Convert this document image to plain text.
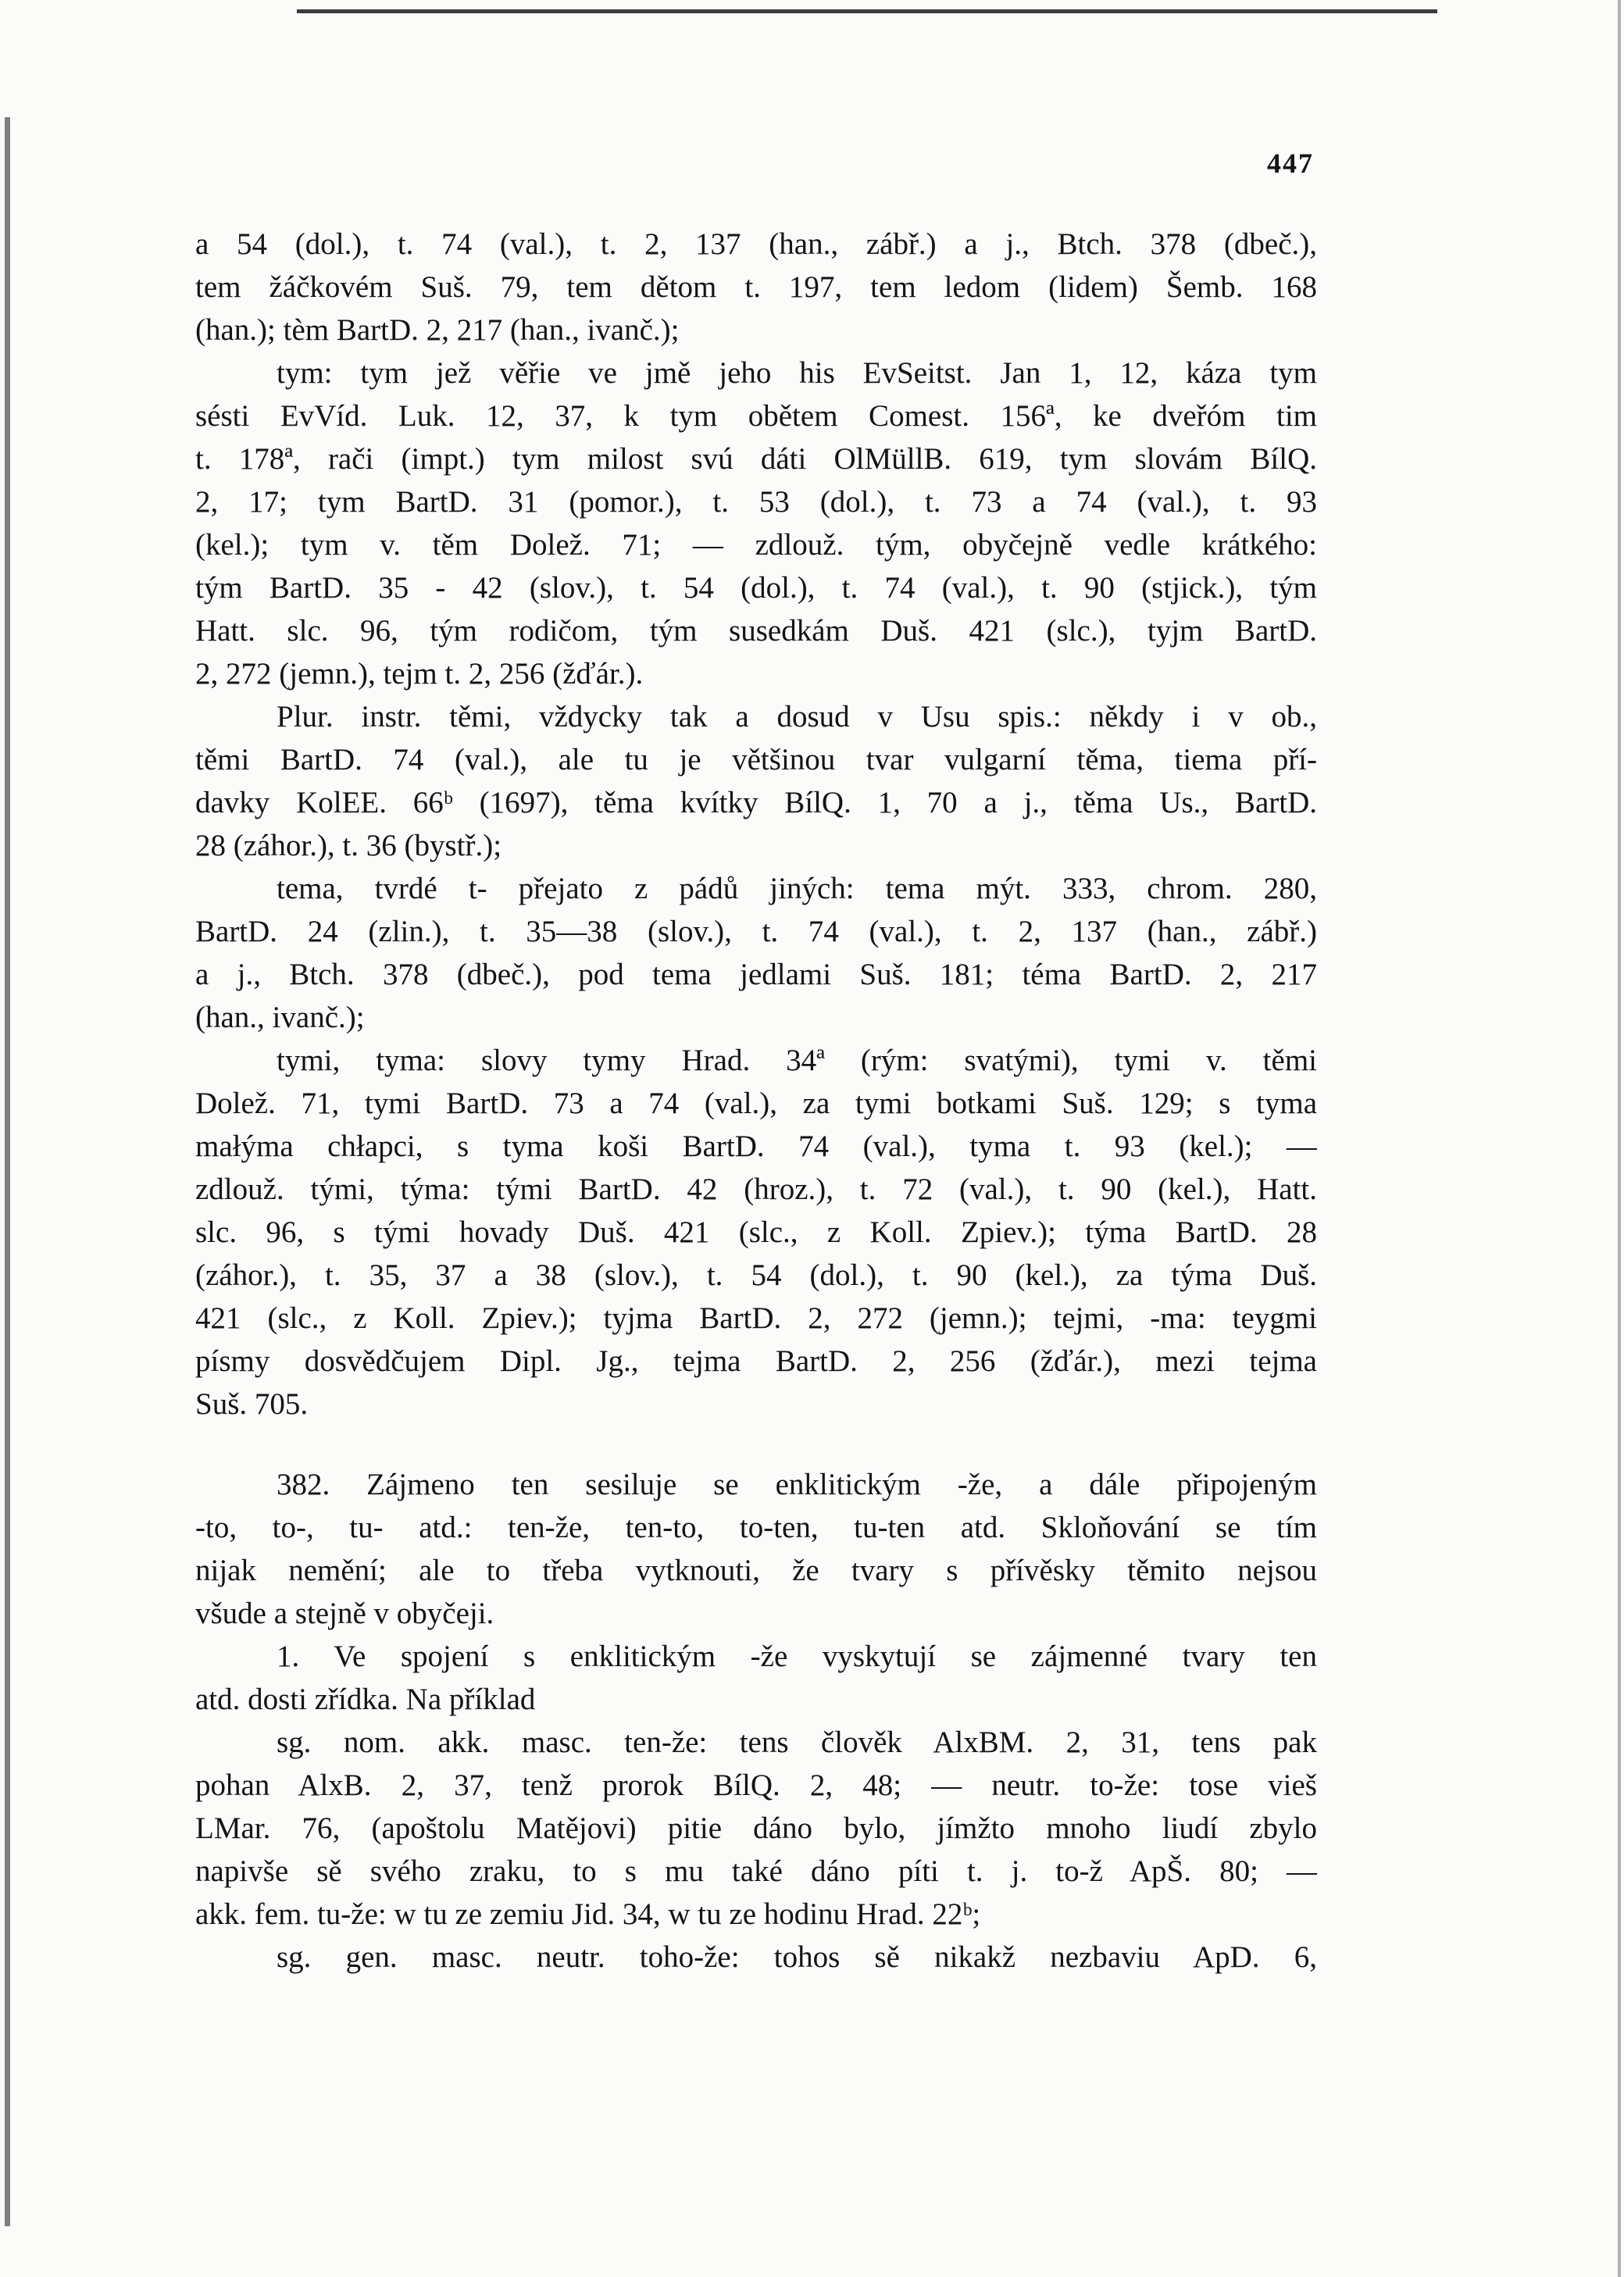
447
a 54 (dol.), t. 74 (val.), t. 2, 137 (han., zábř.) a j., Btch. 378 (dbeč.),
tem žáčkovém Suš. 79, tem dětom t. 197, tem ledom (lidem) Šemb. 168
(han.); tèm BartD. 2, 217 (han., ivanč.);
tym: tym jež věřie ve jmě jeho his EvSeitst. Jan 1, 12, káza tym
sésti EvVíd. Luk. 12, 37, k tym obětem Comest. 156ª, ke dveřóm tim
t. 178ª, rači (impt.) tym milost svú dáti OlMüllB. 619, tym slovám BílQ.
2, 17; tym BartD. 31 (pomor.), t. 53 (dol.), t. 73 a 74 (val.), t. 93
(kel.); tym v. těm Dolež. 71; — zdlouž. tým, obyčejně vedle krátkého:
tým BartD. 35 - 42 (slov.), t. 54 (dol.), t. 74 (val.), t. 90 (stjick.), tým
Hatt. slc. 96, tým rodičom, tým susedkám Duš. 421 (slc.), tyjm BartD.
2, 272 (jemn.), tejm t. 2, 256 (žďár.).
Plur. instr. těmi, vždycky tak a dosud v Usu spis.: někdy i v ob.,
těmi BartD. 74 (val.), ale tu je většinou tvar vulgarní těma, tiema pří-
davky KolEE. 66ᵇ (1697), těma kvítky BílQ. 1, 70 a j., těma Us., BartD.
28 (záhor.), t. 36 (bystř.);
tema, tvrdé t- přejato z pádů jiných: tema mýt. 333, chrom. 280,
BartD. 24 (zlin.), t. 35—38 (slov.), t. 74 (val.), t. 2, 137 (han., zábř.)
a j., Btch. 378 (dbeč.), pod tema jedlami Suš. 181; téma BartD. 2, 217
(han., ivanč.);
tymi, tyma: slovy tymy Hrad. 34ª (rým: svatými), tymi v. těmi
Dolež. 71, tymi BartD. 73 a 74 (val.), za tymi botkami Suš. 129; s tyma
małýma chłapci, s tyma koši BartD. 74 (val.), tyma t. 93 (kel.); —
zdlouž. tými, týma: tými BartD. 42 (hroz.), t. 72 (val.), t. 90 (kel.), Hatt.
slc. 96, s tými hovady Duš. 421 (slc., z Koll. Zpiev.); týma BartD. 28
(záhor.), t. 35, 37 a 38 (slov.), t. 54 (dol.), t. 90 (kel.), za týma Duš.
421 (slc., z Koll. Zpiev.); tyjma BartD. 2, 272 (jemn.); tejmi, -ma: teygmi
písmy dosvědčujem Dipl. Jg., tejma BartD. 2, 256 (žďár.), mezi tejma
Suš. 705.
382. Zájmeno ten sesiluje se enklitickým -že, a dále připojeným
-to, to-, tu- atd.: ten-že, ten-to, to-ten, tu-ten atd. Skloňování se tím
nijak nemění; ale to třeba vytknouti, že tvary s přívěsky těmito nejsou
všude a stejně v obyčeji.
1. Ve spojení s enklitickým -že vyskytují se zájmenné tvary ten
atd. dosti zřídka. Na příklad
sg. nom. akk. masc. ten-že: tens člověk AlxBM. 2, 31, tens pak
pohan AlxB. 2, 37, tenž prorok BílQ. 2, 48; — neutr. to-že: tose vieš
LMar. 76, (apoštolu Matějovi) pitie dáno bylo, jímžto mnoho liudí zbylo
napivše sě svého zraku, to s mu také dáno píti t. j. to-ž ApŠ. 80; —
akk. fem. tu-že: w tu ze zemiu Jid. 34, w tu ze hodinu Hrad. 22ᵇ;
sg. gen. masc. neutr. toho-že: tohos sě nikakž nezbaviu ApD. 6,
